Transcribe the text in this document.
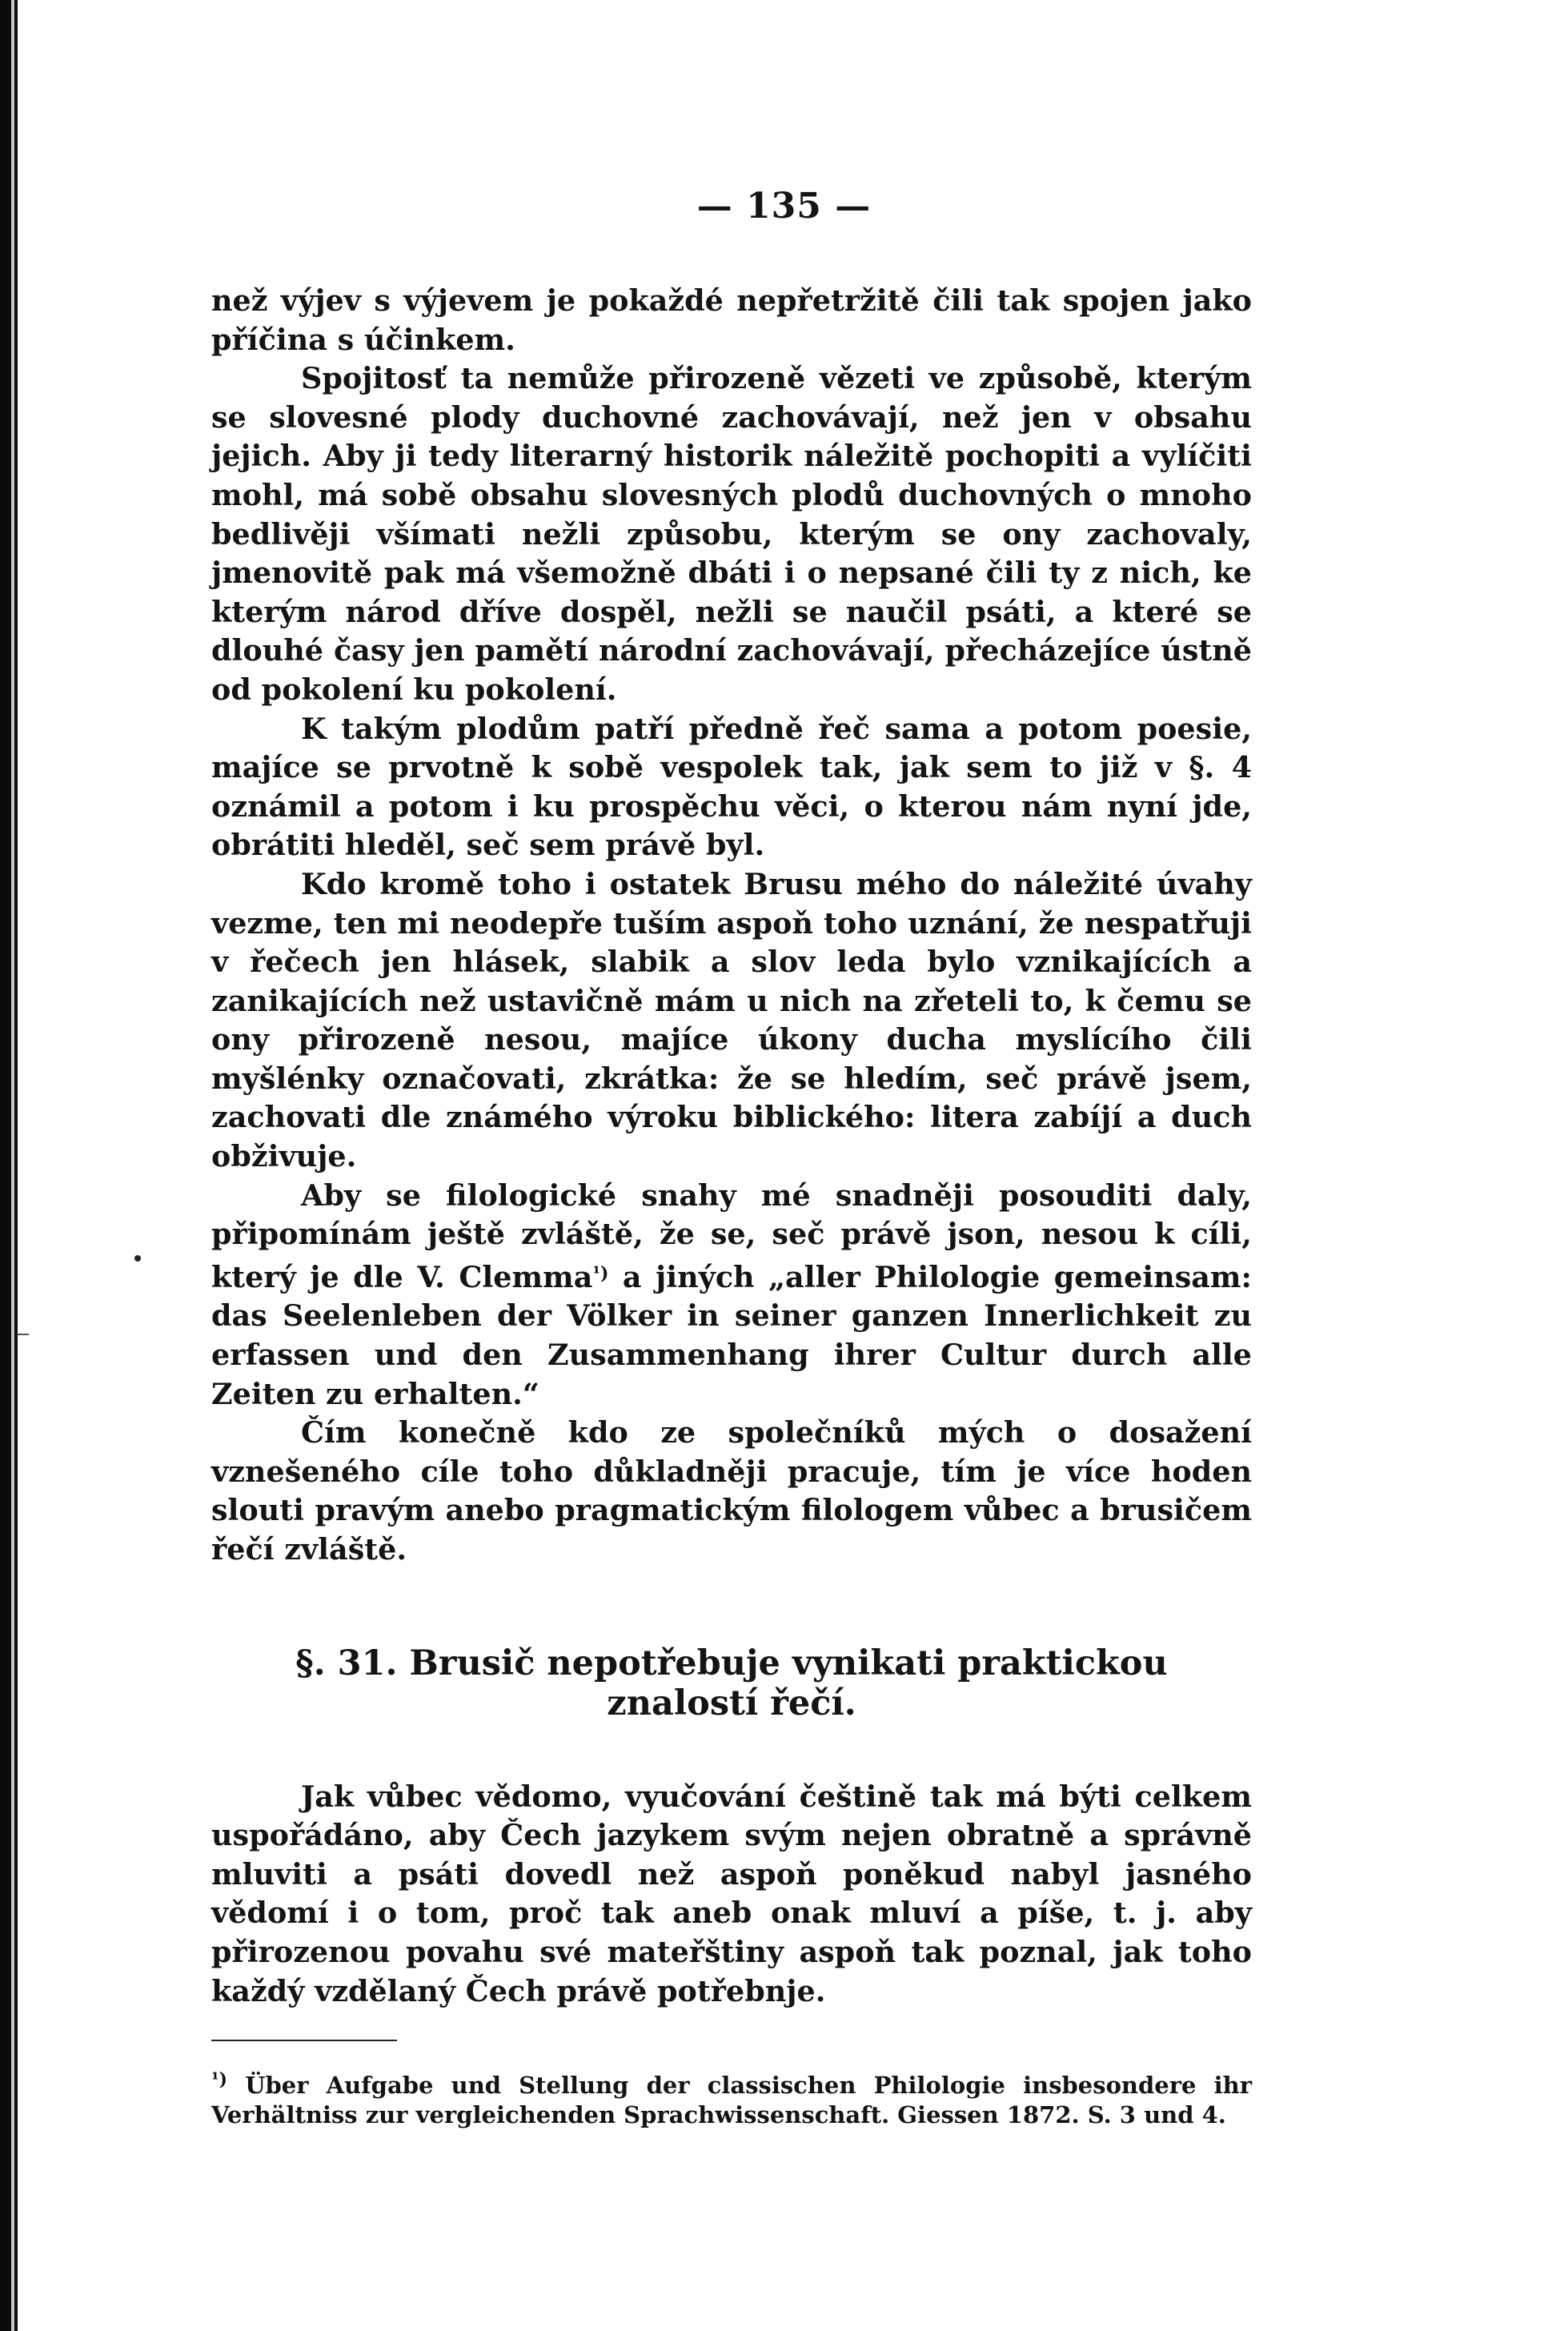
— 135 —

než výjev s výjevem je pokaždé nepřetržitě čili tak spojen jako příčina s účinkem.

Spojitosť ta nemůže přirozeně vězeti ve způsobě, kterým se slovesné plody duchovné zachovávají, než jen v obsahu jejich. Aby ji tedy literarný historik náležitě pochopiti a vylíčiti mohl, má sobě obsahu slovesných plodů duchovných o mnoho bedlivěji všímati nežli způsobu, kterým se ony zachovaly, jmenovitě pak má všemožně dbáti i o nepsané čili ty z nich, ke kterým národ dříve dospěl, nežli se naučil psáti, a které se dlouhé časy jen pamětí národní zachovávají, přecházejíce ústně od pokolení ku pokolení.

K takým plodům patří předně řeč sama a potom poesie, majíce se prvotně k sobě vespolek tak, jak sem to již v §. 4 oznámil a potom i ku prospěchu věci, o kterou nám nyní jde, obrátiti hleděl, seč sem právě byl.

Kdo kromě toho i ostatek Brusu mého do náležité úvahy vezme, ten mi neodepře tuším aspoň toho uznání, že nespatřuji v řečech jen hlásek, slabik a slov leda bylo vznikajících a zanikajících než ustavičně mám u nich na zřeteli to, k čemu se ony přirozeně nesou, majíce úkony ducha myslícího čili myšlénky označovati, zkrátka: že se hledím, seč právě jsem, zachovati dle známého výroku biblického: litera zabíjí a duch obživuje.

Aby se filologické snahy mé snadněji posouditi daly, připomínám ještě zvláště, že se, seč právě json, nesou k cíli, který je dle V. Clemma$^{^1)}$ a jiných „aller Philologie gemeinsam: das Seelenleben der Völker in seiner ganzen Innerlichkeit zu erfassen und den Zusammenhang ihrer Cultur durch alle Zeiten zu erhalten.“

Čím konečně kdo ze společníků mých o dosažení vznešeného cíle toho důkladněji pracuje, tím je více hoden slouti pravým anebo pragmatickým filologem vůbec a brusičem řečí zvláště.

§. 31. Brusič nepotřebuje vynikati praktickou znalostí řečí.

Jak vůbec vědomo, vyučování češtině tak má býti celkem uspořádáno, aby Čech jazykem svým nejen obratně a správně mluviti a psáti dovedl než aspoň poněkud nabyl jasného vědomí i o tom, proč tak aneb onak mluví a píše, t. j. aby přirozenou povahu své mateřštiny aspoň tak poznal, jak toho každý vzdělaný Čech právě potřebnje.

$^{^1)}$ Über Aufgabe und Stellung der classischen Philologie insbesondere ihr Verhältniss zur vergleichenden Sprachwissenschaft. Giessen 1872. S. 3 und 4.
